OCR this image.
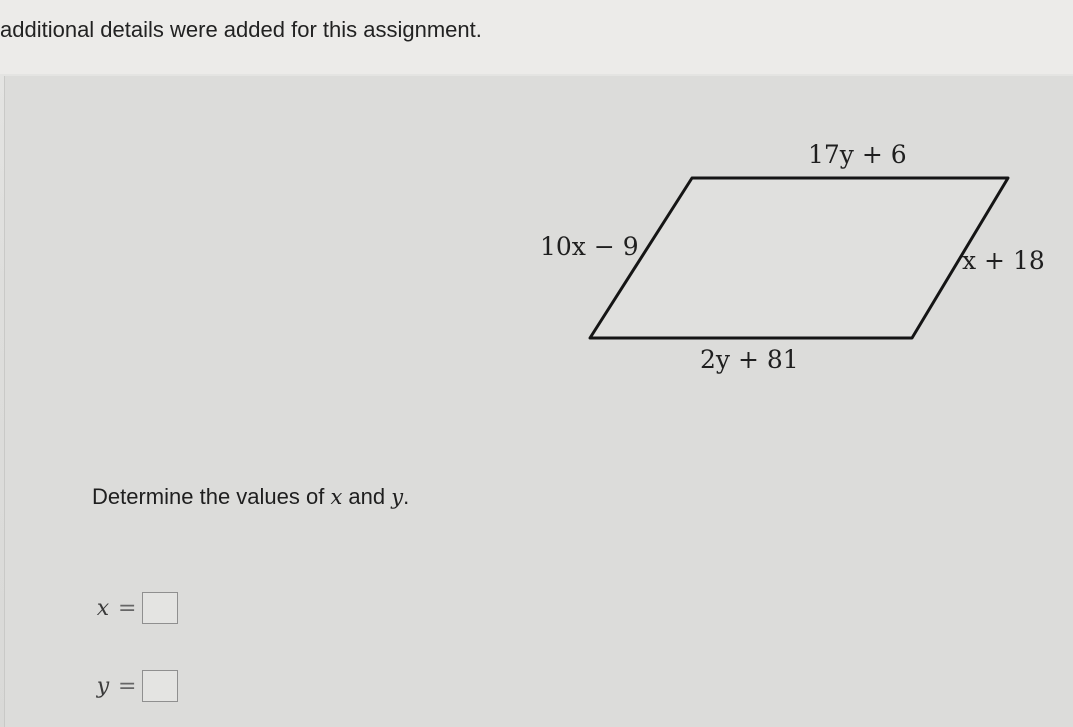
additional details were added for this assignment.
17y + 6
10x − 9	x + 18
2y + 81
Determine the values of x and y.
x =
y =
